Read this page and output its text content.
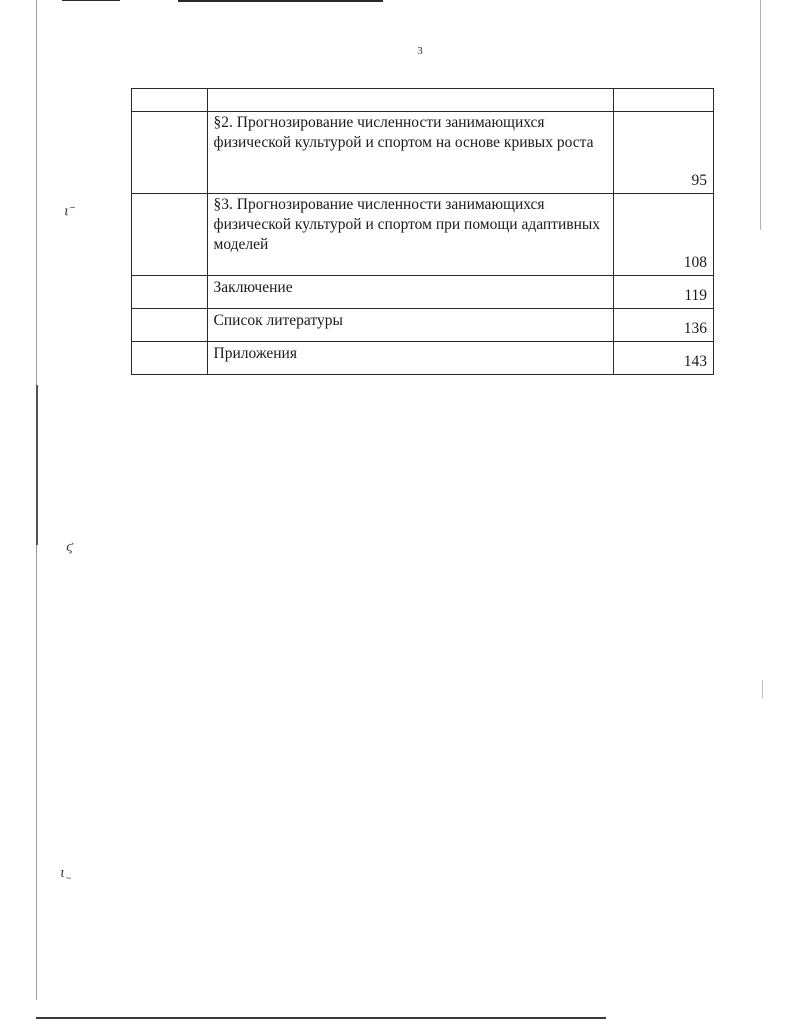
ι~
ϛ
$\iota_\sim$
3

	§2. Прогнозирование численности занимающихся физической культурой и спортом на основе кривых роста	95
	§3. Прогнозирование численности занимающихся физической культурой и спортом при помощи адаптивных моделей	108
	Заключение	119
	Список литературы	136
	Приложения	143
